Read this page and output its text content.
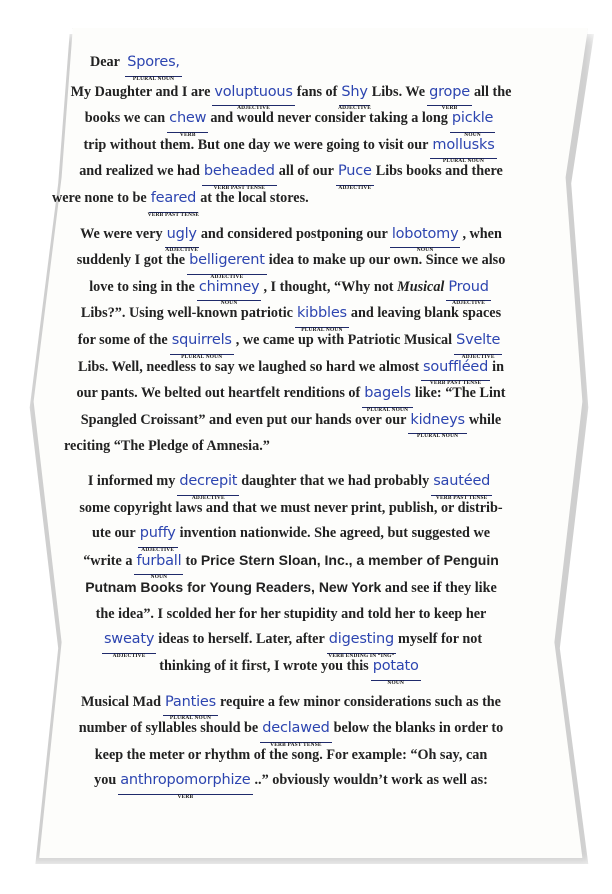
Dear Spores,
PLURAL NOUN
My Daughter and I are voluptuous
ADJECTIVE
fans of Shy
ADJECTIVE
Libs. We grope
VERB
all the
books we can chew
VERB
and would never consider taking a long pickle
NOUN
trip without them. But one day we were going to visit our mollusks
PLURAL NOUN
and realized we had beheaded
VERB PAST TENSE
all of our Puce
ADJECTIVE
Libs books and there
were none to be feared
VERB PAST TENSE
at the local stores.
We were very ugly
ADJECTIVE
and considered postponing our lobotomy
NOUN
, when
suddenly I got the belligerent
ADJECTIVE
idea to make up our own. Since we also
love to sing in the chimney
NOUN
, I thought, “Why not Musical Proud
ADJECTIVE
Libs?”. Using well-known patriotic kibbles
PLURAL NOUN
and leaving blank spaces
for some of the squirrels
PLURAL NOUN
, we came up with Patriotic Musical Svelte
ADJECTIVE
Libs. Well, needless to say we laughed so hard we almost souffléed
VERB PAST TENSE
in
our pants. We belted out heartfelt renditions of bagels
PLURAL NOUN
like: “The Lint
Spangled Croissant” and even put our hands over our kidneys
PLURAL NOUN
while
reciting “The Pledge of Amnesia.”
I informed my decrepit
ADJECTIVE
daughter that we had probably sautéed
VERB PAST TENSE
some copyright laws and that we must never print, publish, or distrib-
ute our puffy
ADJECTIVE
invention nationwide. She agreed, but suggested we
“write a furball
NOUN
to Price Stern Sloan, Inc., a member of Penguin
Putnam Books for Young Readers, New York and see if they like
the idea”. I scolded her for her stupidity and told her to keep her
sweaty
ADJECTIVE
ideas to herself. Later, after digesting
VERB ENDING IN “ING”
myself for not
thinking of it first, I wrote you this potato
NOUN
Musical Mad Panties
PLURAL NOUN
require a few minor considerations such as the
number of syllables should be declawed
VERB PAST TENSE
below the blanks in order to
keep the meter or rhythm of the song. For example: “Oh say, can
you anthropomorphize
VERB
..” obviously wouldn’t work as well as:
